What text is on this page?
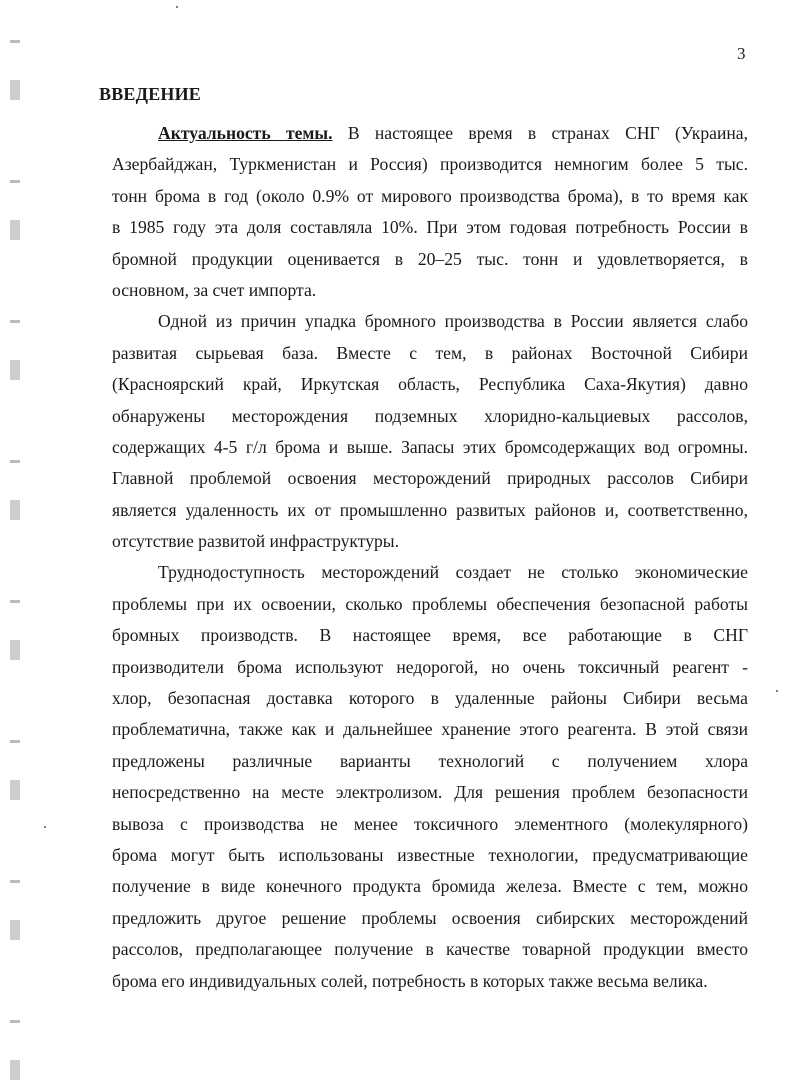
3
ВВЕДЕНИЕ
Актуальность темы. В настоящее время в странах СНГ (Украина,
Азербайджан, Туркменистан и Россия) производится немногим более 5 тыс.
тонн брома в год (около 0.9% от мирового производства брома), в то время как
в 1985 году эта доля составляла 10%. При этом годовая потребность России в
бромной продукции оценивается в 20–25 тыс. тонн и удовлетворяется, в
основном, за счет импорта.
Одной из причин упадка бромного производства в России является слабо
развитая сырьевая база. Вместе с тем, в районах Восточной Сибири
(Красноярский край, Иркутская область, Республика Саха-Якутия) давно
обнаружены месторождения подземных хлоридно-кальциевых рассолов,
содержащих 4-5 г/л брома и выше. Запасы этих бромсодержащих вод огромны.
Главной проблемой освоения месторождений природных рассолов Сибири
является удаленность их от промышленно развитых районов и, соответственно,
отсутствие развитой инфраструктуры.
Труднодоступность месторождений создает не столько экономические
проблемы при их освоении, сколько проблемы обеспечения безопасной работы
бромных производств. В настоящее время, все работающие в СНГ
производители брома используют недорогой, но очень токсичный реагент -
хлор, безопасная доставка которого в удаленные районы Сибири весьма
проблематична, также как и дальнейшее хранение этого реагента. В этой связи
предложены различные варианты технологий с получением хлора
непосредственно на месте электролизом. Для решения проблем безопасности
вывоза с производства не менее токсичного элементного (молекулярного)
брома могут быть использованы известные технологии, предусматривающие
получение в виде конечного продукта бромида железа. Вместе с тем, можно
предложить другое решение проблемы освоения сибирских месторождений
рассолов, предполагающее получение в качестве товарной продукции вместо
брома его индивидуальных солей, потребность в которых также весьма велика.
